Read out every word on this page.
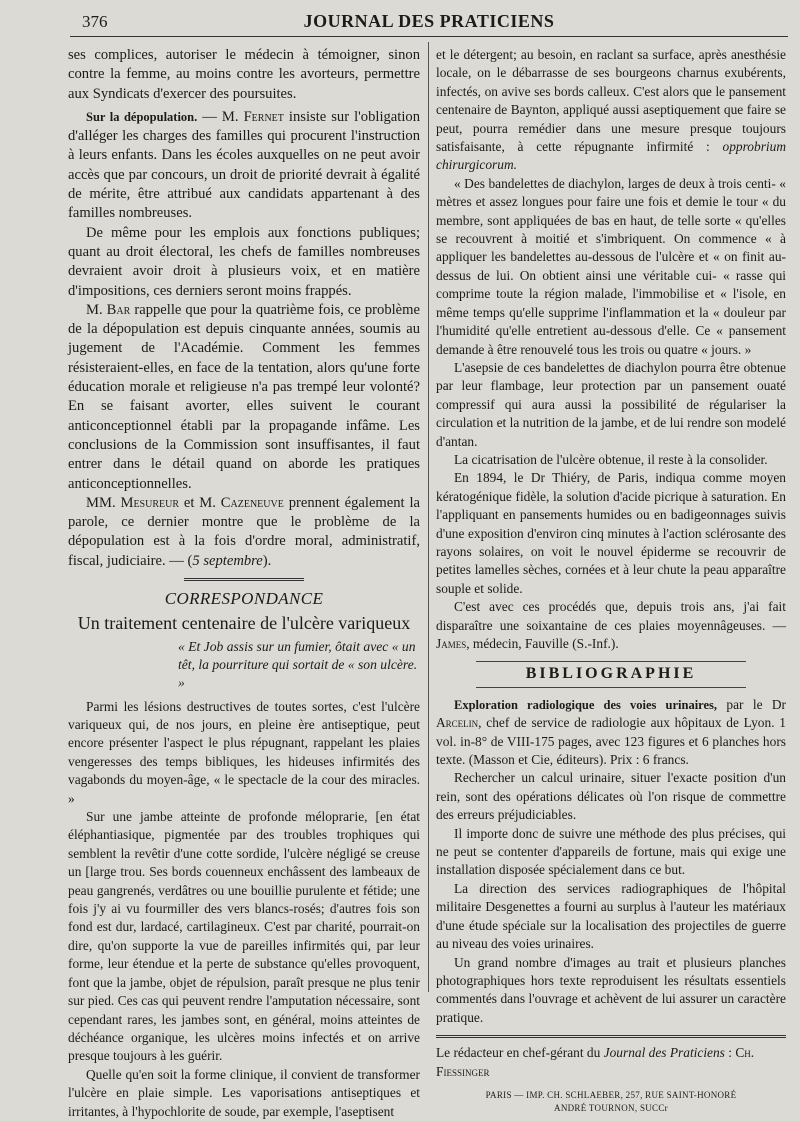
376	JOURNAL DES PRATICIENS

ses complices, autoriser le médecin à témoigner, sinon contre la femme, au moins contre les avorteurs, permettre aux Syndicats d'exercer des poursuites.

Sur la dépopulation. — M. Fernet insiste sur l'obligation d'alléger les charges des familles qui procurent l'instruction à leurs enfants. Dans les écoles auxquelles on ne peut avoir accès que par concours, un droit de priorité devrait à égalité de mérite, être attribué aux candidats appartenant à des familles nombreuses.

De même pour les emplois aux fonctions publiques; quant au droit électoral, les chefs de familles nombreuses devraient avoir droit à plusieurs voix, et en matière d'impositions, ces derniers seront moins frappés.

M. Bar rappelle que pour la quatrième fois, ce problème de la dépopulation est depuis cinquante années, soumis au jugement de l'Académie. Comment les femmes résisteraient-elles, en face de la tentation, alors qu'une forte éducation morale et religieuse n'a pas trempé leur volonté? En se faisant avorter, elles suivent le courant anticonceptionnel établi par la propagande infâme. Les conclusions de la Commission sont insuffisantes, il faut entrer dans le détail quand on aborde les pratiques anticonceptionnelles.

MM. Mesureur et M. Cazeneuve prennent également la parole, ce dernier montre que le problème de la dépopulation est à la fois d'ordre moral, administratif, fiscal, judiciaire. — (5 septembre).

CORRESPONDANCE
Un traitement centenaire de l'ulcère variqueux
« Et Job assis sur un fumier, ôtait avec « un têt, la pourriture qui sortait de « son ulcère. »

Parmi les lésions destructives de toutes sortes, c'est l'ulcère variqueux qui, de nos jours, en pleine ère antiseptique, peut encore présenter l'aspect le plus répugnant, rappelant les plaies vengeresses des temps bibliques, les hideuses infirmités des vagabonds du moyen-âge, « le spectacle de la cour des miracles. »

Sur une jambe atteinte de profonde méloprагie, [en état éléphantiasique, pigmentée par des troubles trophiques qui semblent la revêtir d'une cotte sordide, l'ulcère négligé se creuse un [large trou. Ses bords couenneux enchâssent des lambeaux de peau gangrenés, verdâtres ou une bouillie purulente et fétide; une fois j'y ai vu fourmiller des vers blancs-rosés; d'autres fois son fond est dur, lardacé, cartilagineux. C'est par charité, pourrait-on dire, qu'on supporte la vue de pareilles infirmités qui, par leur forme, leur étendue et la perte de substance qu'elles provoquent, font que la jambe, objet de répulsion, paraît presque ne plus tenir sur pied. Ces cas qui peuvent rendre l'amputation nécessaire, sont cependant rares, les jambes sont, en général, moins atteintes de déchéance organique, les ulcères moins infectés et on arrive presque toujours à les guérir.

Quelle qu'en soit la forme clinique, il convient de transformer l'ulcère en plaie simple. Les vaporisations antiseptiques et irritantes, à l'hypochlorite de soude, par exemple, l'aseptisent

et le détergent; au besoin, en raclant sa surface, après anesthésie locale, on le débarrasse de ses bourgeons charnus exubérents, infectés, on avive ses bords calleux. C'est alors que le pansement centenaire de Baynton, appliqué aussi aseptiquement que faire se peut, pourra remédier dans une mesure presque toujours satisfaisante, à cette répugnante infirmité : opprobrium chirurgicorum.

« Des bandelettes de diachylon, larges de deux à trois centi- « mètres et assez longues pour faire une fois et demie le tour « du membre, sont appliquées de bas en haut, de telle sorte « qu'elles se recouvrent à moitié et s'imbriquent. On commence « à appliquer les bandelettes au-dessous de l'ulcère et « on finit au-dessus de lui. On obtient ainsi une véritable cui- « rasse qui comprime toute la région malade, l'immobilise et « l'isole, en même temps qu'elle supprime l'inflammation et la « douleur par l'humidité qu'elle entretient au-dessous d'elle. Ce « pansement demande à être renouvelé tous les trois ou quatre « jours. »

L'asepsie de ces bandelettes de diachylon pourra être obtenue par leur flambage, leur protection par un pansement ouaté compressif qui aura aussi la possibilité de régulariser la circulation et la nutrition de la jambe, et de lui rendre son modelé d'antan.

La cicatrisation de l'ulcère obtenue, il reste à la consolider.

En 1894, le Dr Thiéry, de Paris, indiqua comme moyen kératogénique fidèle, la solution d'acide picrique à saturation. En l'appliquant en pansements humides ou en badigeonnages suivis d'une exposition d'environ cinq minutes à l'action sclérosante des rayons solaires, on voit le nouvel épiderme se recouvrir de petites lamelles sèches, cornées et à leur chute la peau apparaître souple et solide.

C'est avec ces procédés que, depuis trois ans, j'ai fait disparaître une soixantaine de ces plaies moyennâgeuses. — James, médecin, Fauville (S.-Inf.).

BIBLIOGRAPHIE

Exploration radiologique des voies urinaires, par le Dr Arcelin, chef de service de radiologie aux hôpitaux de Lyon. 1 vol. in-8° de VIII-175 pages, avec 123 figures et 6 planches hors texte. (Masson et Cie, éditeurs). Prix : 6 francs.

Rechercher un calcul urinaire, situer l'exacte position d'un rein, sont des opérations délicates où l'on risque de commettre des erreurs préjudiciables.

Il importe donc de suivre une méthode des plus précises, qui ne peut se contenter d'appareils de fortune, mais qui exige une installation disposée spécialement dans ce but.

La direction des services radiographiques de l'hôpital militaire Desgenettes a fourni au surplus à l'auteur les matériaux d'une étude spéciale sur la localisation des projectiles de guerre au niveau des voies urinaires.

Un grand nombre d'images au trait et plusieurs planches photographiques hors texte reproduisent les résultats essentiels commentés dans l'ouvrage et achèvent de lui assurer un caractère pratique.

Le rédacteur en chef-gérant du Journal des Praticiens : Ch. Fiessinger

PARIS — IMP. CH. SCHLAEBER, 257, RUE SAINT-HONORÉ
ANDRÉ TOURNON, SUCCr
